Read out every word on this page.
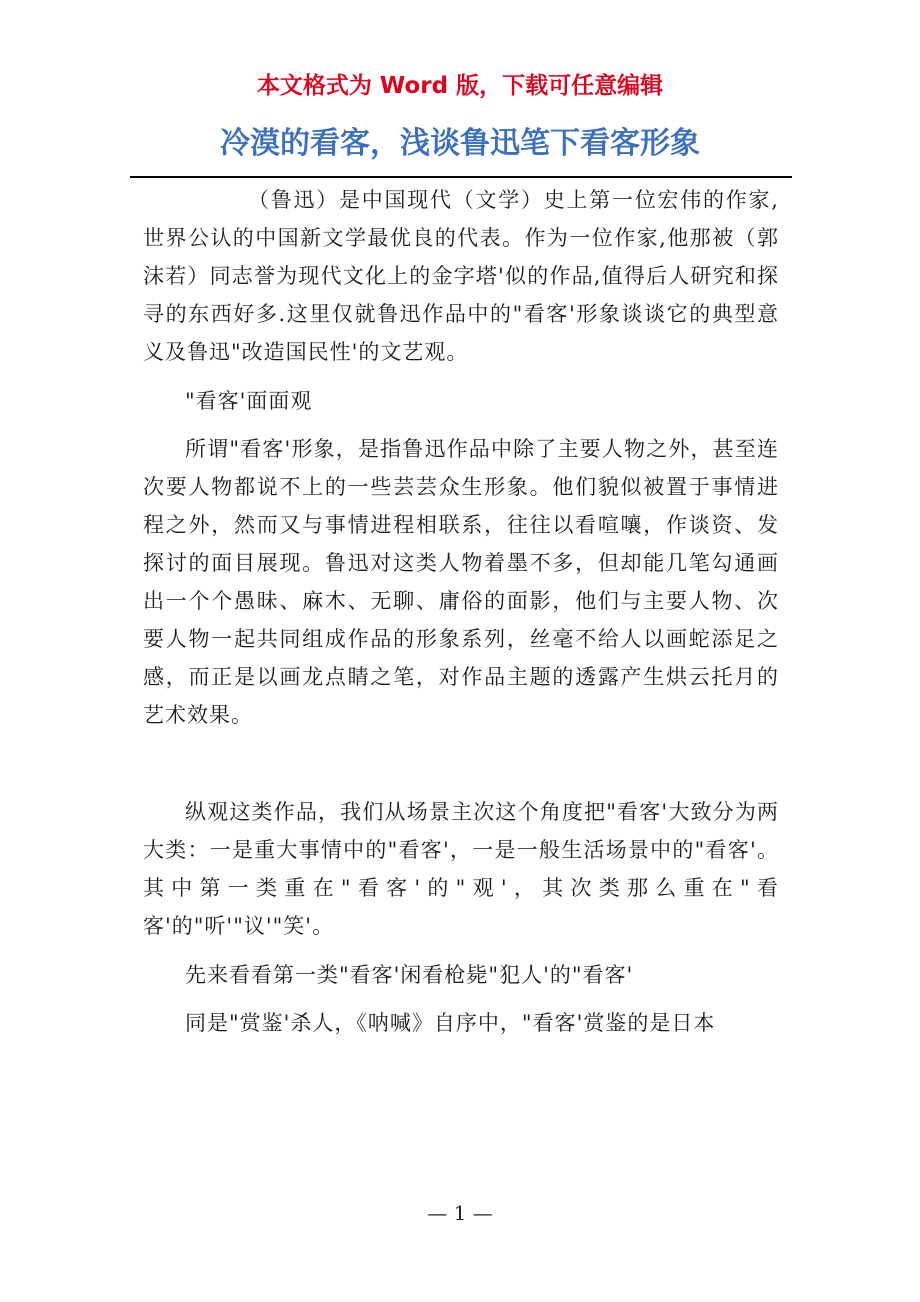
本文格式为 Word 版，下载可任意编辑
冷漠的看客，浅谈鲁迅笔下看客形象

（鲁迅）是中国现代（文学）史上第一位宏伟的作家,世界公认的中国新文学最优良的代表。作为一位作家,他那被（郭沫若）同志誉为现代文化上的金字塔'似的作品,值得后人研究和探寻的东西好多.这里仅就鲁迅作品中的"看客'形象谈谈它的典型意义及鲁迅"改造国民性'的文艺观。

"看客'面面观

所谓"看客'形象，是指鲁迅作品中除了主要人物之外，甚至连次要人物都说不上的一些芸芸众生形象。他们貌似被置于事情进程之外，然而又与事情进程相联系，往往以看喧嚷，作谈资、发探讨的面目展现。鲁迅对这类人物着墨不多，但却能几笔勾通画出一个个愚昧、麻木、无聊、庸俗的面影，他们与主要人物、次要人物一起共同组成作品的形象系列，丝毫不给人以画蛇添足之感，而正是以画龙点睛之笔，对作品主题的透露产生烘云托月的艺术效果。

纵观这类作品，我们从场景主次这个角度把"看客'大致分为两大类：一是重大事情中的"看客'，一是一般生活场景中的"看客'。其中第一类重在"看客'的"观'，其次类那么重在"看客'的"听'"议'"笑'。

先来看看第一类"看客'闲看枪毙"犯人'的"看客'

同是"赏鉴'杀人，《呐喊》自序中，"看客'赏鉴的是日本

— 1 —
